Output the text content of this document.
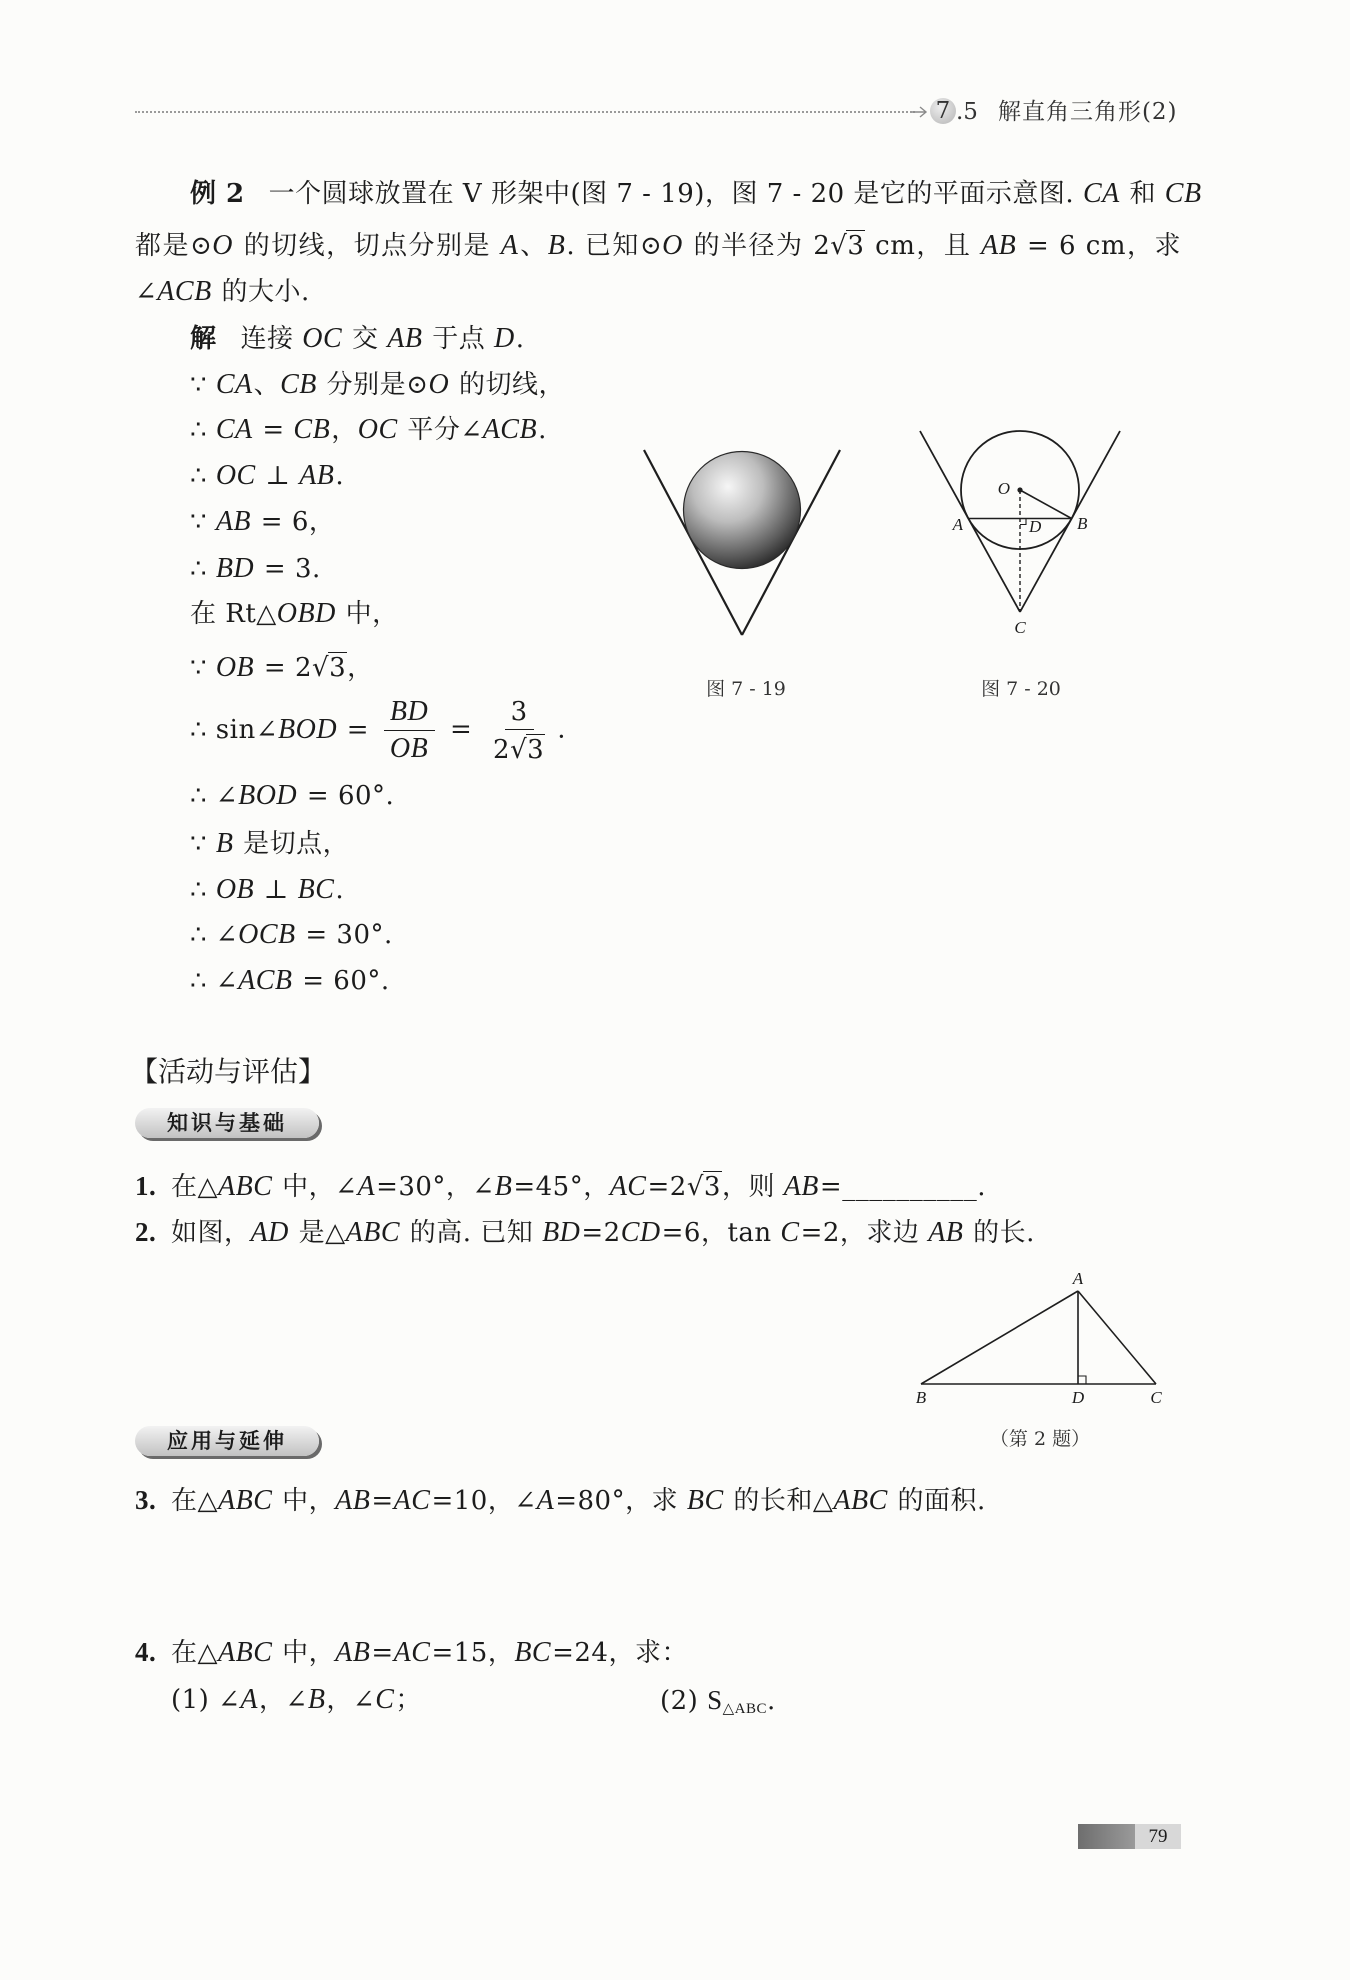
7 .5 解直角三角形(2)
例 2 一个圆球放置在 V 形架中(图 7 - 19)，图 7 - 20 是它的平面示意图. CA 和 CB
都是⊙O 的切线，切点分别是 A、B. 已知⊙O 的半径为 2√3 cm，且 AB = 6 cm，求
∠ACB 的大小.
解 连接 OC 交 AB 于点 D.
∵ CA、CB 分别是⊙O 的切线，
∴ CA = CB，OC 平分∠ACB.
∴ OC ⊥ AB.
∵ AB = 6，
∴ BD = 3.
在 Rt△OBD 中，
∵ OB = 2√3，
∴ sin∠BOD = $\frac{BD}{OB} = \frac{3}{2√3}$ .
∴ ∠BOD = 60°.
∵ B 是切点，
∴ OB ⊥ BC.
∴ ∠OCB = 30°.
∴ ∠ACB = 60°.
图 7 - 19
O
A	D B
C
图 7 - 20
【活动与评估】
知识与基础
1. 在△ABC 中，∠A=30°，∠B=45°，AC=2√3，则 AB=__________.
2. 如图，AD 是△ABC 的高. 已知 BD=2CD=6，tan C=2，求边 AB 的长.
A
B	D	C
（第 2 题）
应用与延伸
3. 在△ABC 中，AB=AC=10，∠A=80°，求 BC 的长和△ABC 的面积.
4. 在△ABC 中，AB=AC=15，BC=24，求：
(1) ∠A，∠B，∠C；	(2) $S_{\triangle ABC}$.
79
